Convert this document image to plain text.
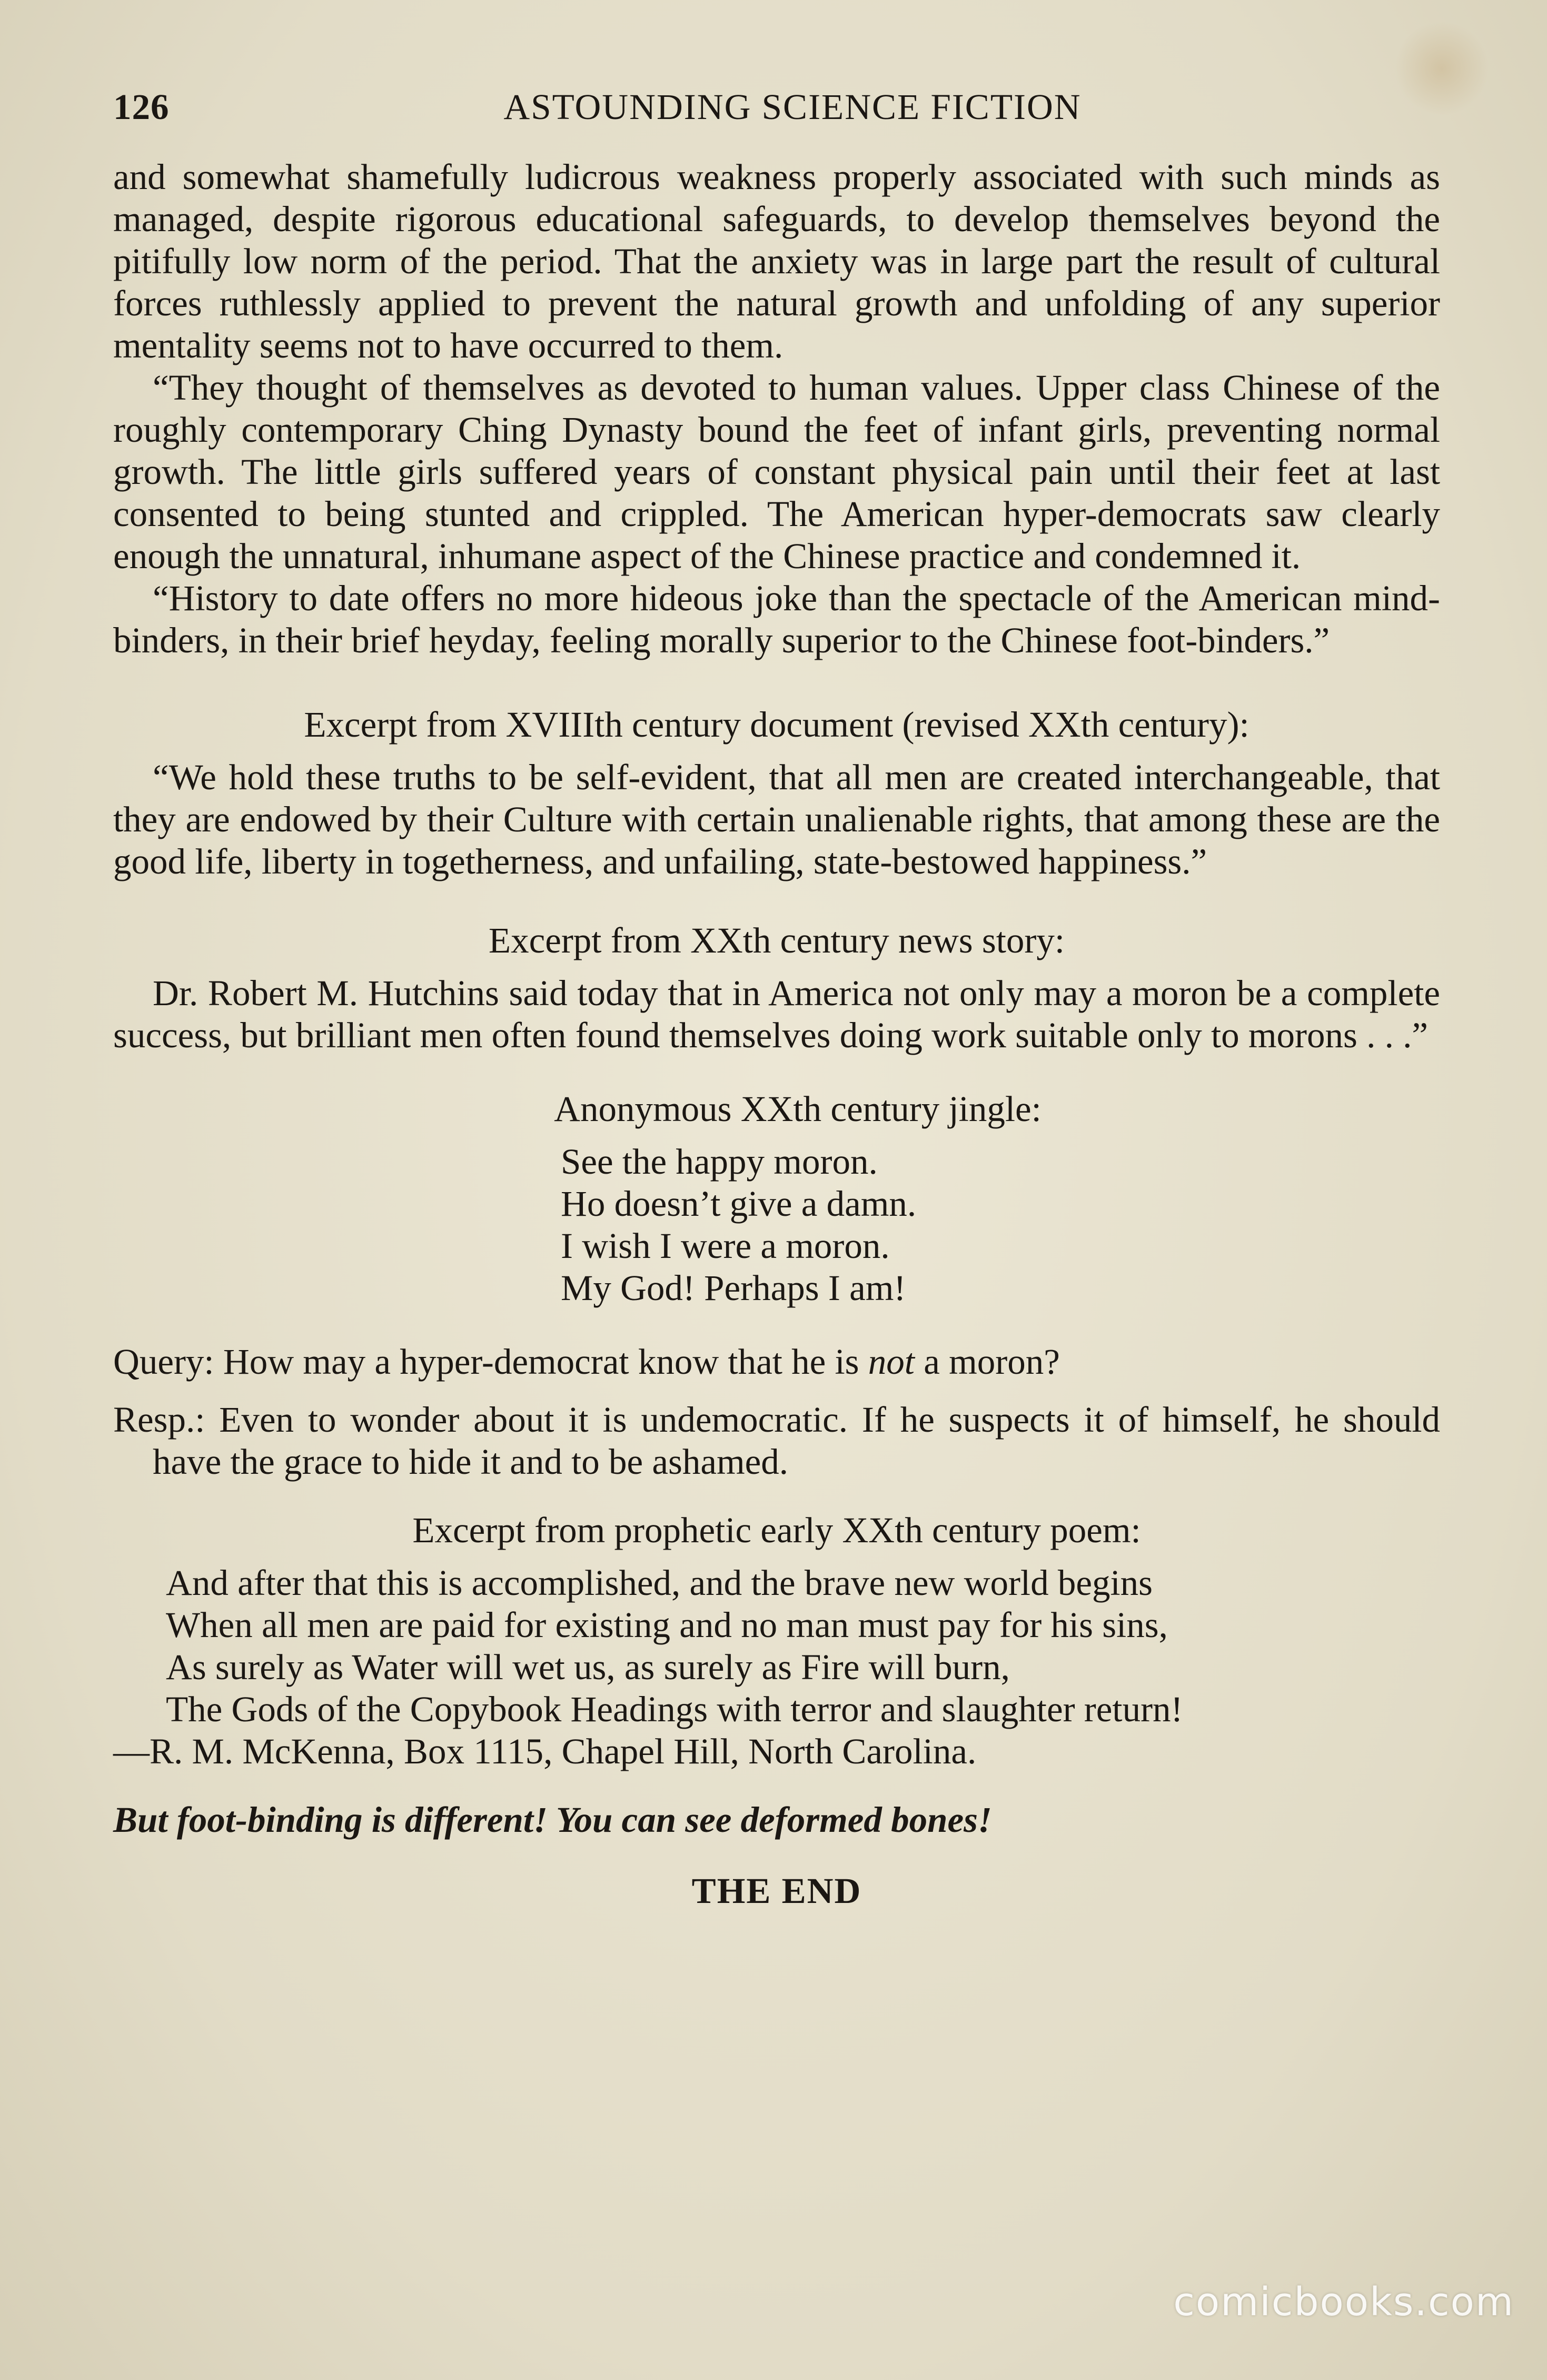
126	ASTOUNDING SCIENCE FICTION

and somewhat shamefully ludicrous weakness properly associated with such minds as managed, despite rigorous educational safeguards, to develop themselves beyond the pitifully low norm of the period. That the anxiety was in large part the result of cultural forces ruthlessly applied to prevent the natural growth and unfolding of any superior mentality seems not to have occurred to them.

“They thought of themselves as devoted to human values. Upper class Chinese of the roughly contemporary Ching Dynasty bound the feet of infant girls, preventing normal growth. The little girls suffered years of constant physical pain until their feet at last consented to being stunted and crippled. The American hyper-democrats saw clearly enough the unnatural, inhumane aspect of the Chinese practice and condemned it.

“History to date offers no more hideous joke than the spectacle of the American mind-binders, in their brief heyday, feeling morally superior to the Chinese foot-binders.”

Excerpt from XVIIIth century document (revised XXth century):

“We hold these truths to be self-evident, that all men are created interchangeable, that they are endowed by their Culture with certain unalienable rights, that among these are the good life, liberty in togetherness, and unfailing, state-bestowed happiness.”

Excerpt from XXth century news story:

Dr. Robert M. Hutchins said today that in America not only may a moron be a complete success, but brilliant men often found themselves doing work suitable only to morons . . .”

Anonymous XXth century jingle:
See the happy moron.
Ho doesn’t give a damn.
I wish I were a moron.
My God! Perhaps I am!

Query: How may a hyper-democrat know that he is not a moron?

Resp.: Even to wonder about it is undemocratic. If he suspects it of himself, he should have the grace to hide it and to be ashamed.

Excerpt from prophetic early XXth century poem:
And after that this is accomplished, and the brave new world begins
When all men are paid for existing and no man must pay for his sins,
As surely as Water will wet us, as surely as Fire will burn,
The Gods of the Copybook Headings with terror and slaughter return!
—R. M. McKenna, Box 1115, Chapel Hill, North Carolina.
But foot-binding is different! You can see deformed bones!
THE END
comicbooks.com
